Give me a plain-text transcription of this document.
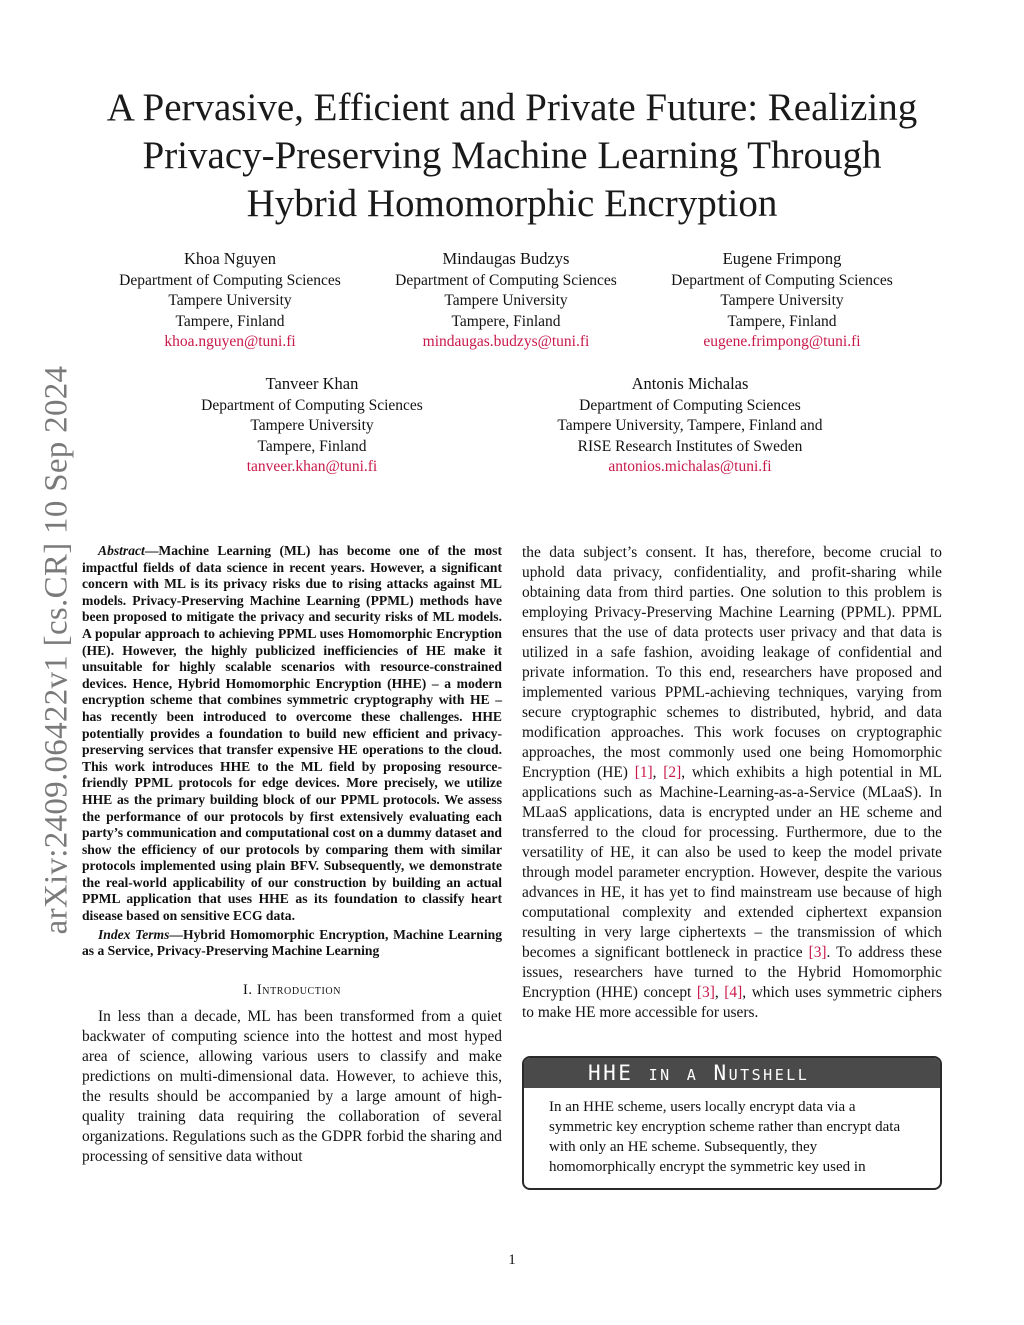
arXiv:2409.06422v1 [cs.CR] 10 Sep 2024
A Pervasive, Efficient and Private Future: Realizing
Privacy-Preserving Machine Learning Through
Hybrid Homomorphic Encryption
Khoa Nguyen
Department of Computing Sciences
Tampere University
Tampere, Finland
khoa.nguyen@tuni.fi
Mindaugas Budzys
Department of Computing Sciences
Tampere University
Tampere, Finland
mindaugas.budzys@tuni.fi
Eugene Frimpong
Department of Computing Sciences
Tampere University
Tampere, Finland
eugene.frimpong@tuni.fi
Tanveer Khan
Department of Computing Sciences
Tampere University
Tampere, Finland
tanveer.khan@tuni.fi
Antonis Michalas
Department of Computing Sciences
Tampere University, Tampere, Finland and
RISE Research Institutes of Sweden
antonios.michalas@tuni.fi

Abstract—Machine Learning (ML) has become one of the most impactful fields of data science in recent years. However, a significant concern with ML is its privacy risks due to rising attacks against ML models. Privacy-Preserving Machine Learning (PPML) methods have been proposed to mitigate the privacy and security risks of ML models. A popular approach to achieving PPML uses Homomorphic Encryption (HE). However, the highly publicized inefficiencies of HE make it unsuitable for highly scalable scenarios with resource-constrained devices. Hence, Hybrid Homomorphic Encryption (HHE) – a modern encryption scheme that combines symmetric cryptography with HE – has recently been introduced to overcome these challenges. HHE potentially provides a foundation to build new efficient and privacy-preserving services that transfer expensive HE operations to the cloud. This work introduces HHE to the ML field by proposing resource-friendly PPML protocols for edge devices. More precisely, we utilize HHE as the primary building block of our PPML protocols. We assess the performance of our protocols by first extensively evaluating each party’s communication and computational cost on a dummy dataset and show the efficiency of our protocols by comparing them with similar protocols implemented using plain BFV. Subsequently, we demonstrate the real-world applicability of our construction by building an actual PPML application that uses HHE as its foundation to classify heart disease based on sensitive ECG data.

Index Terms—Hybrid Homomorphic Encryption, Machine Learning as a Service, Privacy-Preserving Machine Learning

I. Introduction

In less than a decade, ML has been transformed from a quiet backwater of computing science into the hottest and most hyped area of science, allowing various users to classify and make predictions on multi-dimensional data. However, to achieve this, the results should be accompanied by a large amount of high-quality training data requiring the collaboration of several organizations. Regulations such as the GDPR forbid the sharing and processing of sensitive data without

the data subject’s consent. It has, therefore, become crucial to uphold data privacy, confidentiality, and profit-sharing while obtaining data from third parties. One solution to this problem is employing Privacy-Preserving Machine Learning (PPML). PPML ensures that the use of data protects user privacy and that data is utilized in a safe fashion, avoiding leakage of confidential and private information. To this end, researchers have proposed and implemented various PPML-achieving techniques, varying from secure cryptographic schemes to distributed, hybrid, and data modification approaches. This work focuses on cryptographic approaches, the most commonly used one being Homomorphic Encryption (HE) [1], [2], which exhibits a high potential in ML applications such as Machine-Learning-as-a-Service (MLaaS). In MLaaS applications, data is encrypted under an HE scheme and transferred to the cloud for processing. Furthermore, due to the versatility of HE, it can also be used to keep the model private through model parameter encryption. However, despite the various advances in HE, it has yet to find mainstream use because of high computational complexity and extended ciphertext expansion resulting in very large ciphertexts – the transmission of which becomes a significant bottleneck in practice [3]. To address these issues, researchers have turned to the Hybrid Homomorphic Encryption (HHE) concept [3], [4], which uses symmetric ciphers to make HE more accessible for users.

HHE in a Nutshell
In an HHE scheme, users locally encrypt data via a symmetric key encryption scheme rather than encrypt data with only an HE scheme. Subsequently, they homomorphically encrypt the symmetric key used in
1
